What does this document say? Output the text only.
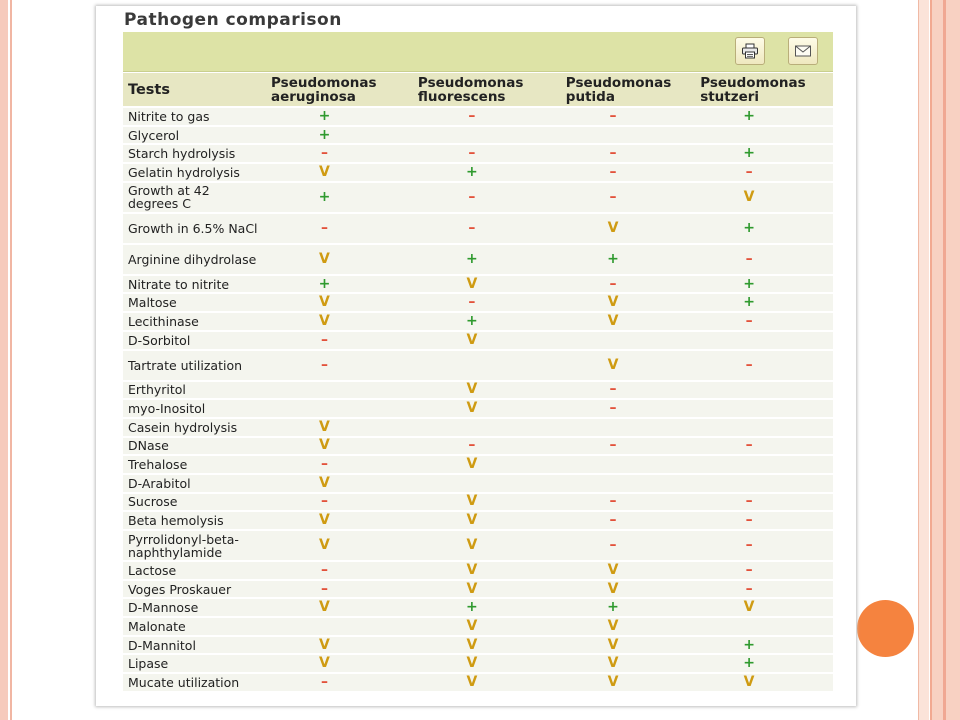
Pathogen comparison
Tests	Pseudomonas aeruginosa	Pseudomonas fluorescens	Pseudomonas putida	Pseudomonas stutzeri
Nitrite to gas	+	–	–	+
Glycerol	+			
Starch hydrolysis	–	–	–	+
Gelatin hydrolysis	V	+	–	–
Growth at 42 degrees C	+	–	–	V
Growth in 6.5% NaCl	–	–	V	+
Arginine dihydrolase	V	+	+	–
Nitrate to nitrite	+	V	–	+
Maltose	V	–	V	+
Lecithinase	V	+	V	–
D-Sorbitol	–	V		
Tartrate utilization	–		V	–
Erthyritol		V	–	
myo-Inositol		V	–	
Casein hydrolysis	V			
DNase	V	–	–	–
Trehalose	–	V		
D-Arabitol	V			
Sucrose	–	V	–	–
Beta hemolysis	V	V	–	–
Pyrrolidonyl-beta-naphthylamide	V	V	–	–
Lactose	–	V	V	–
Voges Proskauer	–	V	V	–
D-Mannose	V	+	+	V
Malonate		V	V	
D-Mannitol	V	V	V	+
Lipase	V	V	V	+
Mucate utilization	–	V	V	V
